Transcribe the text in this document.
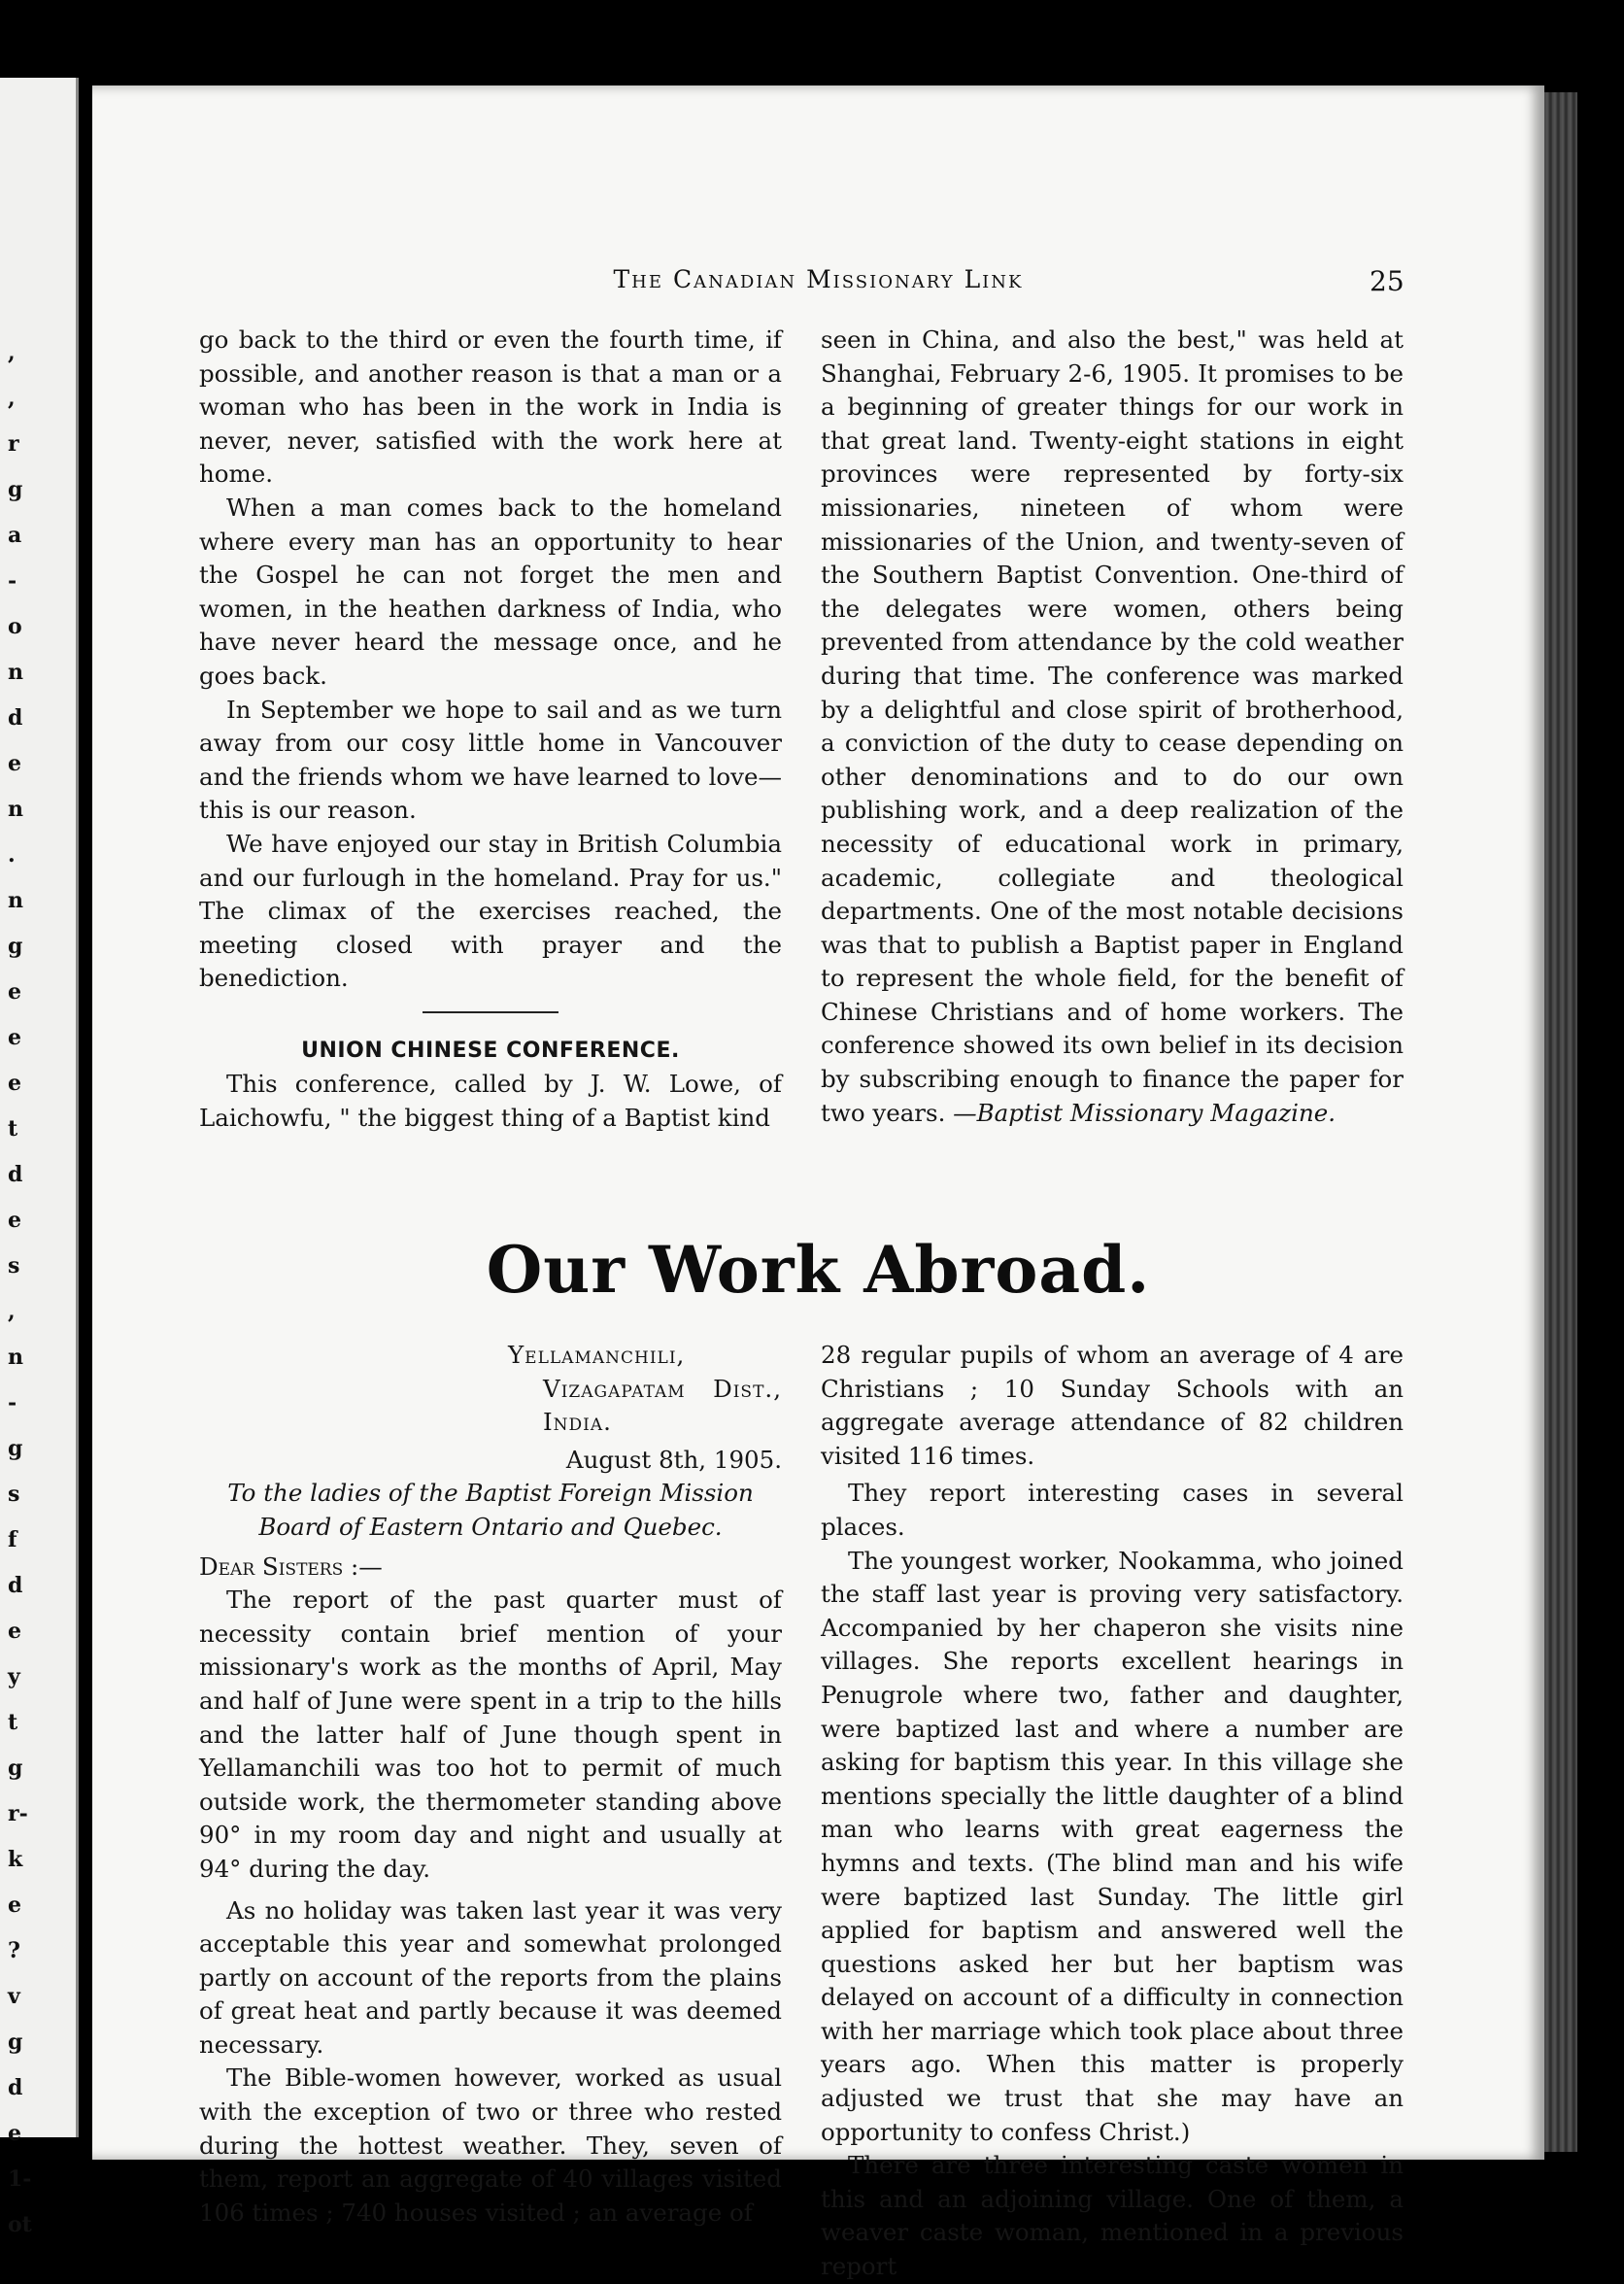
,
,
r
g
a
-
o
n
d
e
n
.
n
g
e
e
e
t
d
e
s
,
n
-
g
s
f
d
e
y
t
g
r-
k
e
?
v
g
d
e
1-
ot
The Canadian Missionary Link	25

go back to the third or even the fourth time, if possible, and another reason is that a man or a woman who has been in the work in India is never, never, satisfied with the work here at home.

When a man comes back to the homeland where every man has an opportunity to hear the Gospel he can not forget the men and women, in the heathen darkness of India, who have never heard the message once, and he goes back.

In September we hope to sail and as we turn away from our cosy little home in Vancouver and the friends whom we have learned to love—this is our reason.

We have enjoyed our stay in British Columbia and our furlough in the homeland. Pray for us." The climax of the exercises reached, the meeting closed with prayer and the benediction.

UNION CHINESE CONFERENCE.

This conference, called by J. W. Lowe, of Laichowfu, " the biggest thing of a Baptist kind

seen in China, and also the best," was held at Shanghai, February 2-6, 1905. It promises to be a beginning of greater things for our work in that great land. Twenty-eight stations in eight provinces were represented by forty-six missionaries, nineteen of whom were missionaries of the Union, and twenty-seven of the Southern Baptist Convention. One-third of the delegates were women, others being prevented from attendance by the cold weather during that time. The conference was marked by a delightful and close spirit of brotherhood, a conviction of the duty to cease depending on other denominations and to do our own publishing work, and a deep realization of the necessity of educational work in primary, academic, collegiate and theological departments. One of the most notable decisions was that to publish a Baptist paper in England to represent the whole field, for the benefit of Chinese Christians and of home workers. The conference showed its own belief in its decision by subscribing enough to finance the paper for two years. —Baptist Missionary Magazine.

Our Work Abroad.

Yellamanchili,

Vizagapatam Dist., India.

August 8th, 1905.

To the ladies of the Baptist Foreign Mission Board of Eastern Ontario and Quebec.

Dear Sisters :—

The report of the past quarter must of necessity contain brief mention of your missionary's work as the months of April, May and half of June were spent in a trip to the hills and the latter half of June though spent in Yellamanchili was too hot to permit of much outside work, the thermometer standing above 90° in my room day and night and usually at 94° during the day.

As no holiday was taken last year it was very acceptable this year and somewhat prolonged partly on account of the reports from the plains of great heat and partly because it was deemed necessary.

The Bible-women however, worked as usual with the exception of two or three who rested during the hottest weather. They, seven of them, report an aggregate of 40 villages visited 106 times ; 740 houses visited ; an average of

28 regular pupils of whom an average of 4 are Christians ; 10 Sunday Schools with an aggregate average attendance of 82 children visited 116 times.

They report interesting cases in several places.

The youngest worker, Nookamma, who joined the staff last year is proving very satisfactory. Accompanied by her chaperon she visits nine villages. She reports excellent hearings in Penugrole where two, father and daughter, were baptized last and where a number are asking for baptism this year. In this village she mentions specially the little daughter of a blind man who learns with great eagerness the hymns and texts. (The blind man and his wife were baptized last Sunday. The little girl applied for baptism and answered well the questions asked her but her baptism was delayed on account of a difficulty in connection with her marriage which took place about three years ago. When this matter is properly adjusted we trust that she may have an opportunity to confess Christ.)

There are three interesting caste women in this and an adjoining village. One of them, a weaver caste woman, mentioned in a previous report
